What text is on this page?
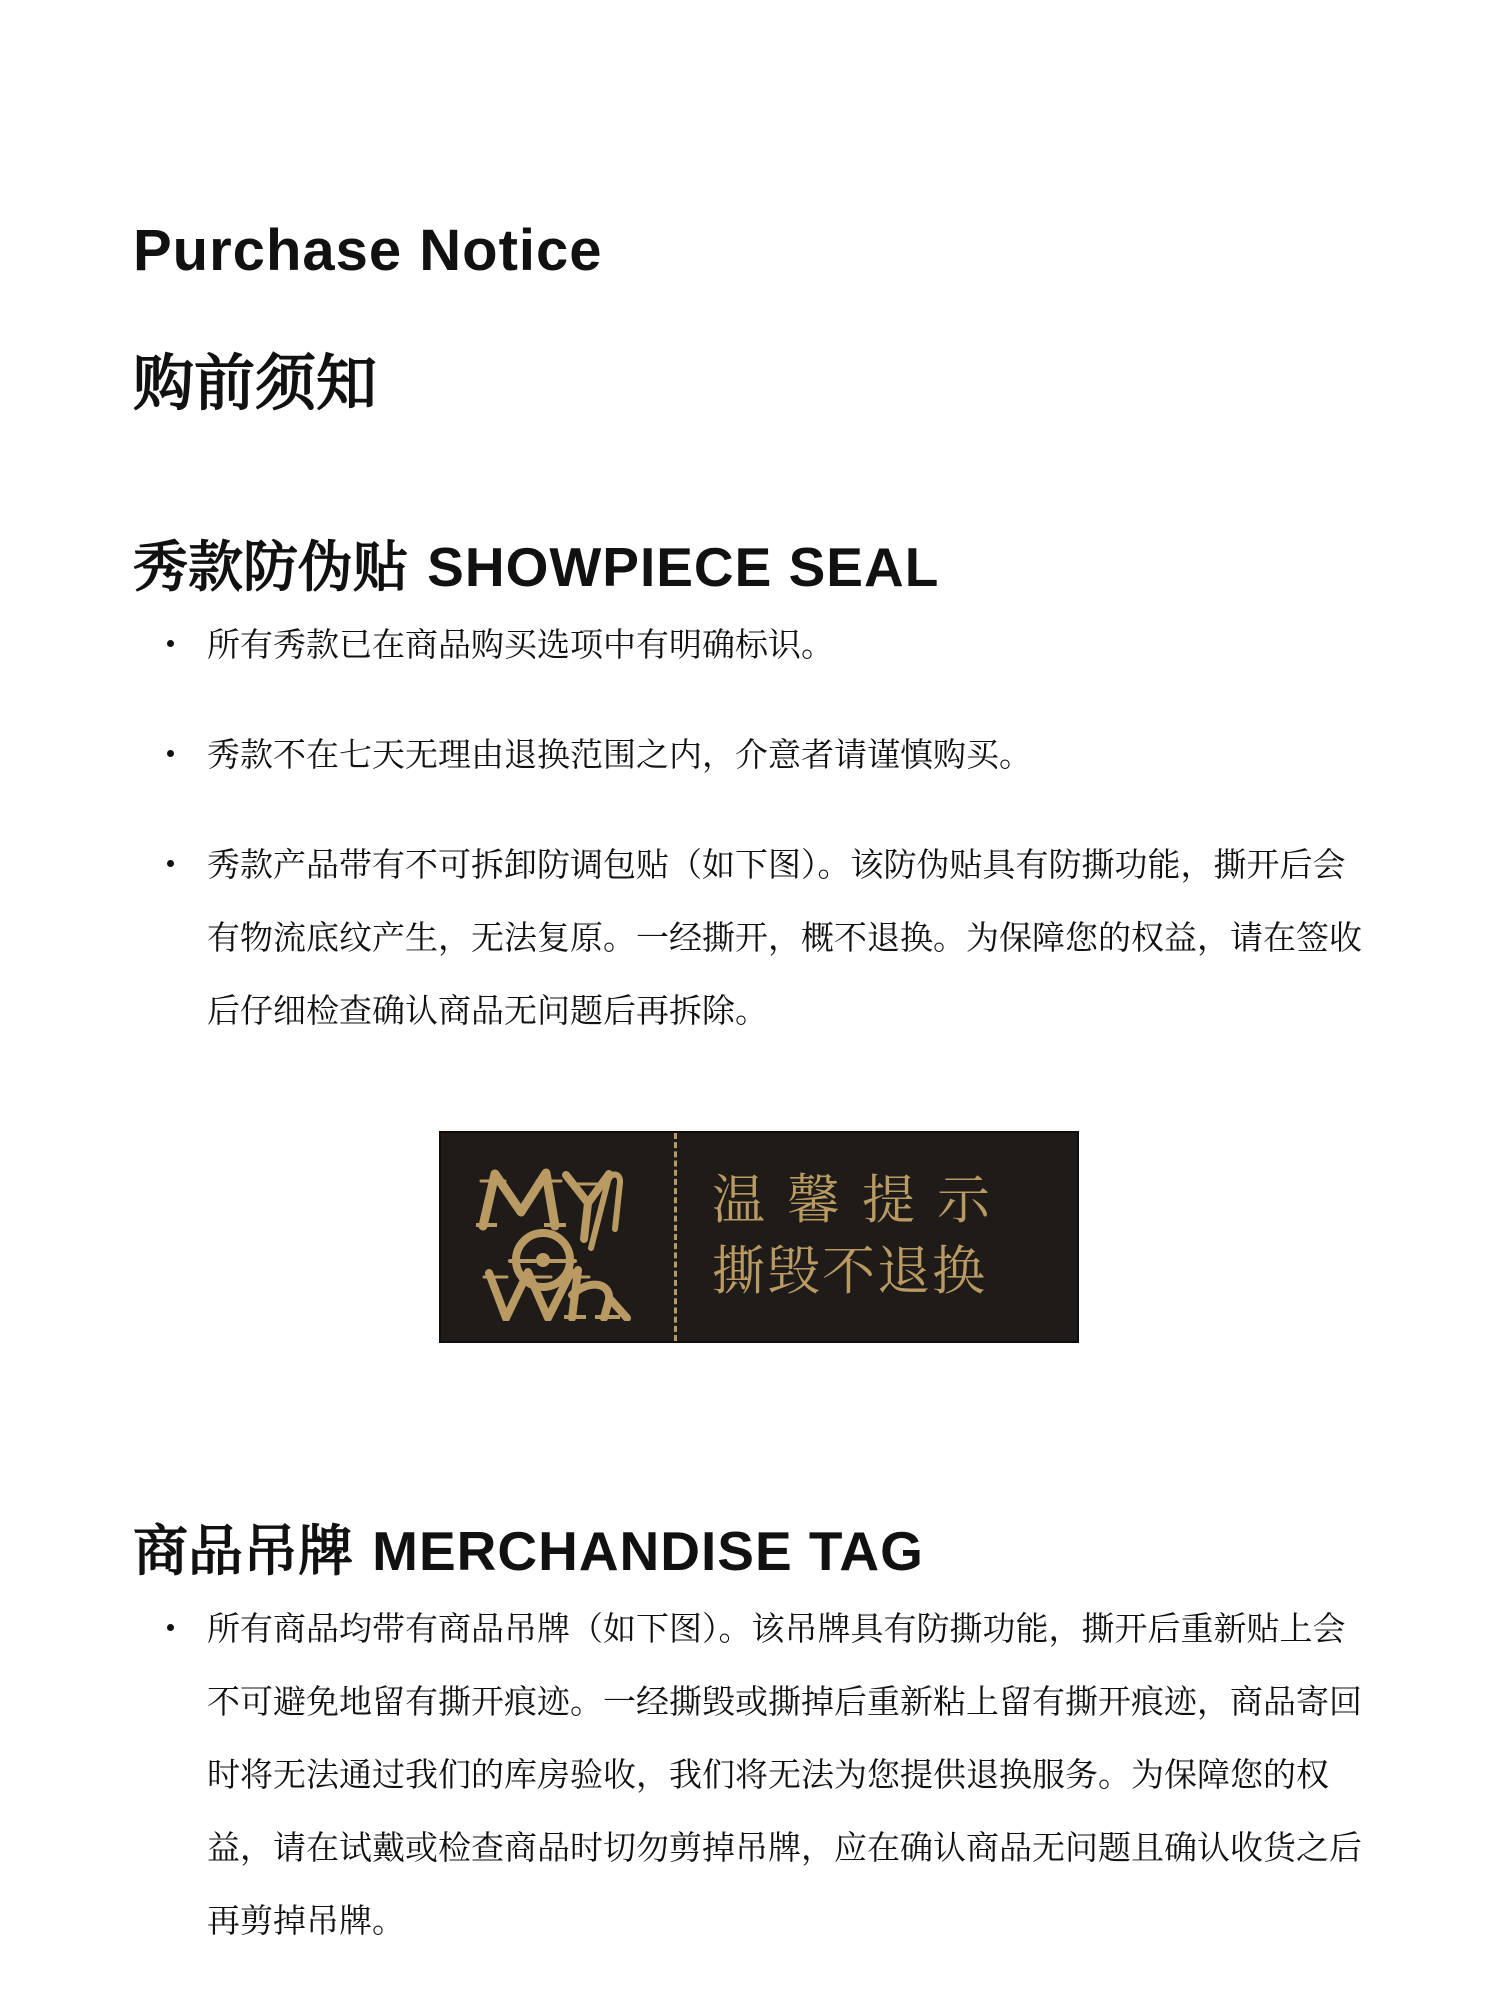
Purchase Notice
购前须知
秀款防伪贴 SHOWPIECE SEAL
所有秀款已在商品购买选项中有明确标识。
秀款不在七天无理由退换范围之内，介意者请谨慎购买。
秀款产品带有不可拆卸防调包贴（如下图）。该防伪贴具有防撕功能，撕开后会有物流底纹产生，无法复原。一经撕开，概不退换。为保障您的权益，请在签收后仔细检查确认商品无问题后再拆除。
温馨提示
撕毁不退换
商品吊牌 MERCHANDISE TAG
所有商品均带有商品吊牌（如下图）。该吊牌具有防撕功能，撕开后重新贴上会不可避免地留有撕开痕迹。一经撕毁或撕掉后重新粘上留有撕开痕迹，商品寄回时将无法通过我们的库房验收，我们将无法为您提供退换服务。为保障您的权益，请在试戴或检查商品时切勿剪掉吊牌，应在确认商品无问题且确认收货之后再剪掉吊牌。
